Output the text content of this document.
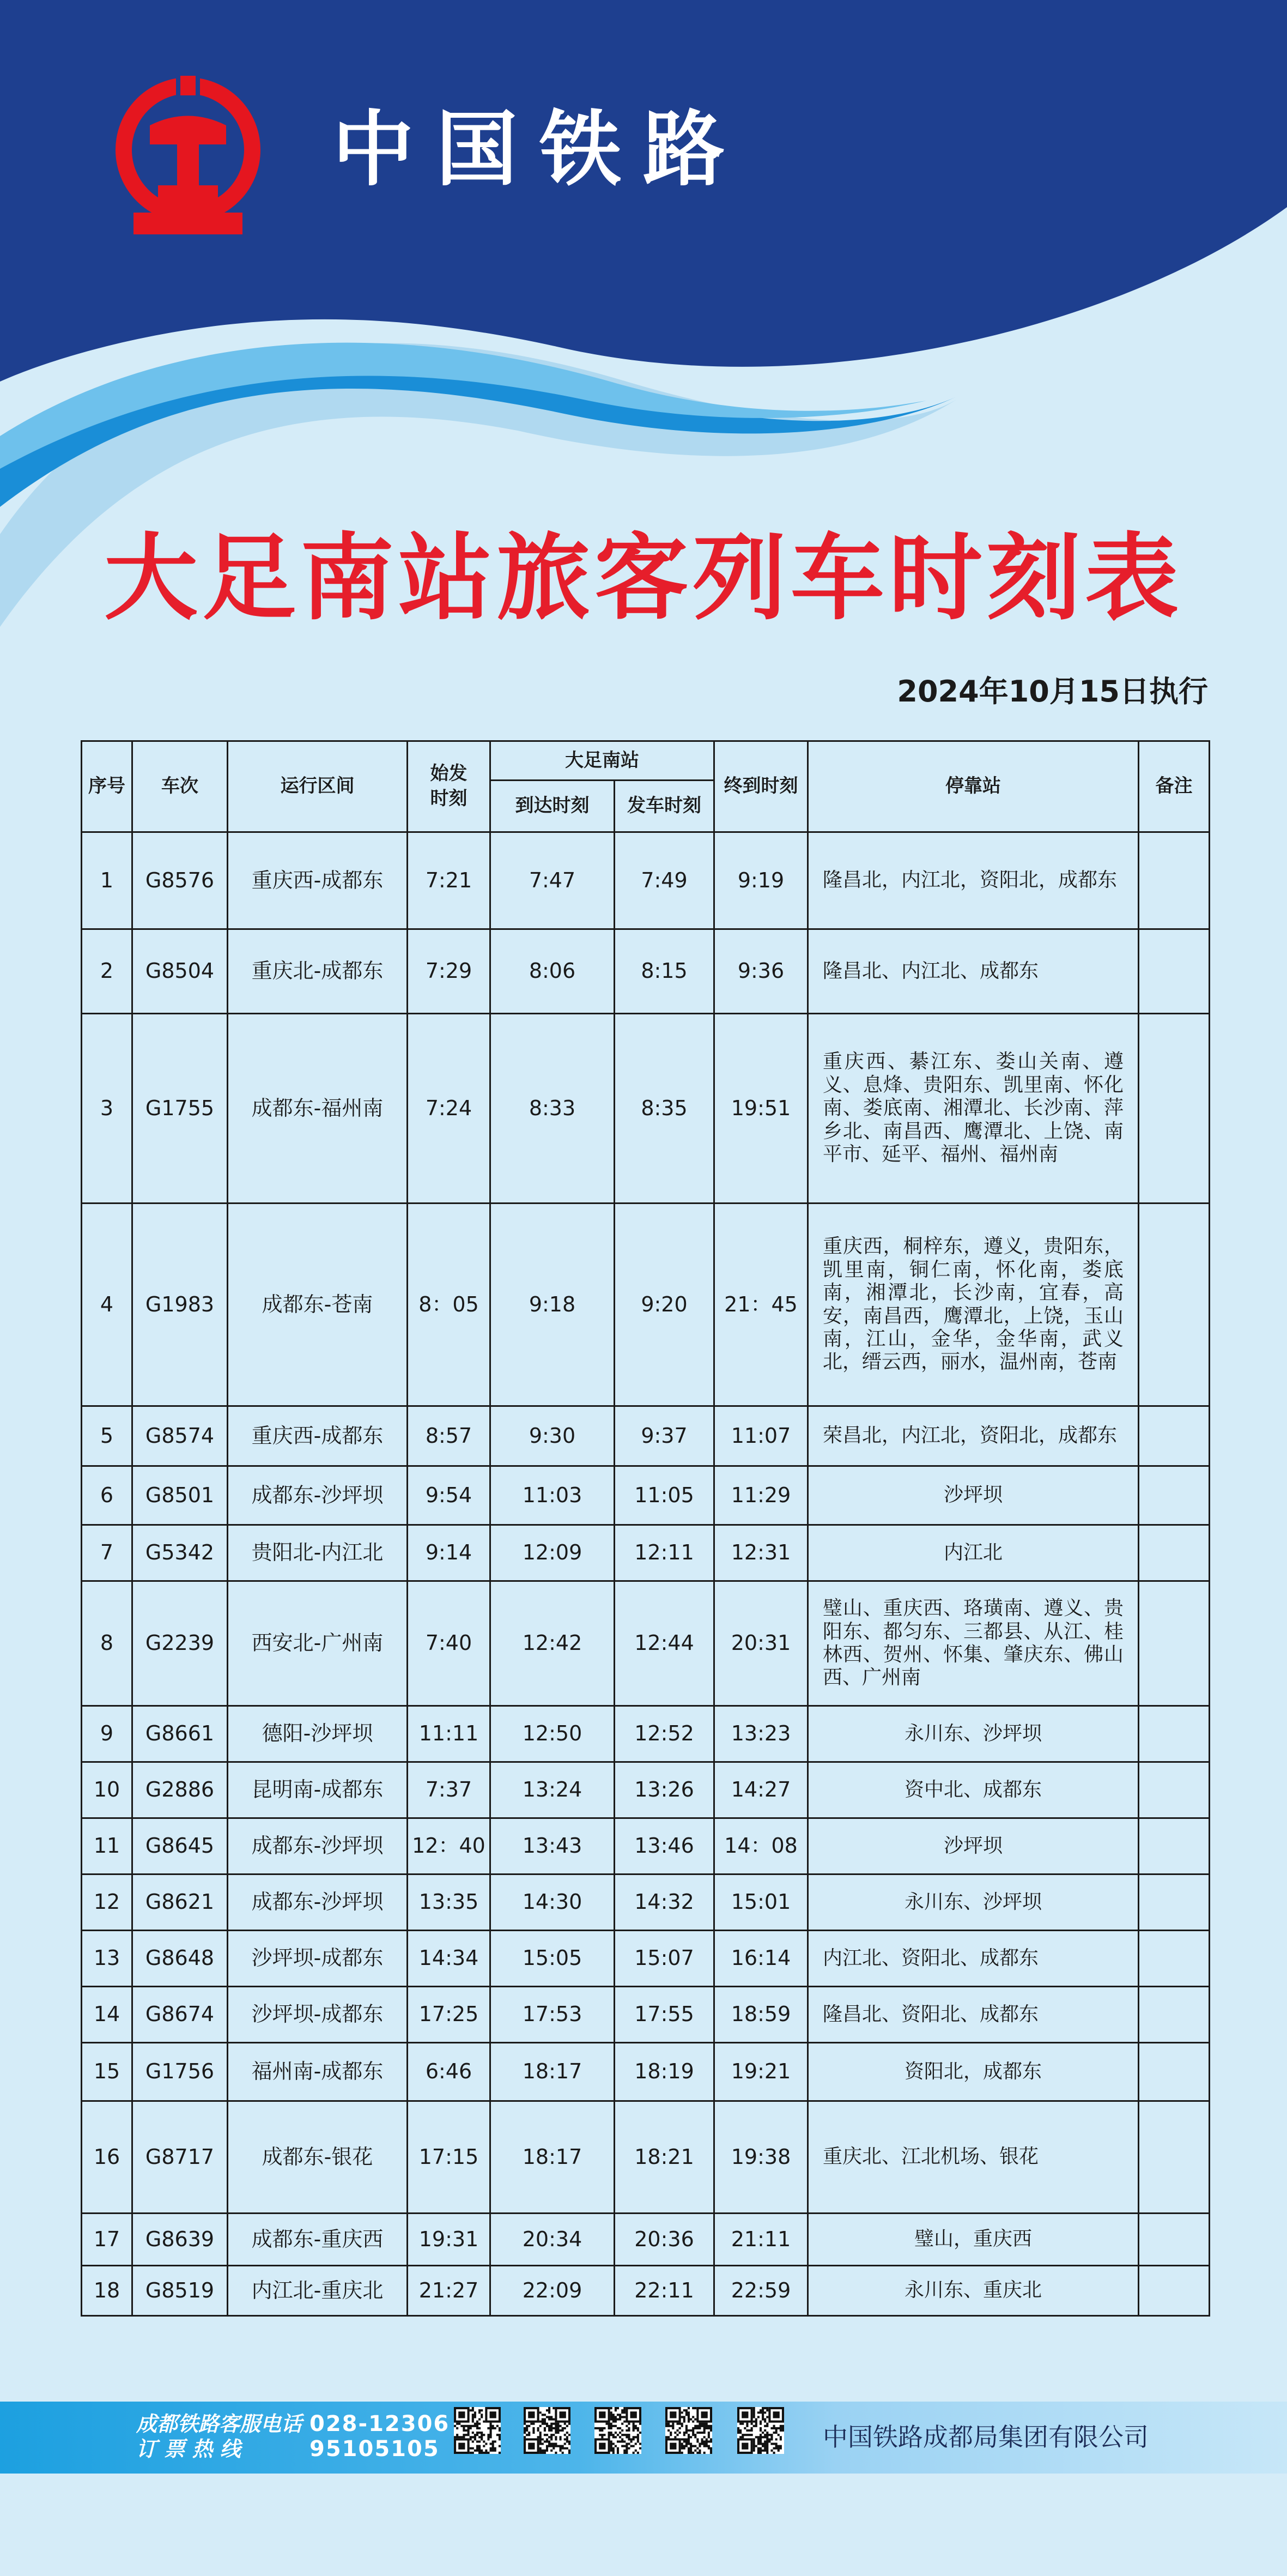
中国铁路
大足南站旅客列车时刻表
2024年10月15日执行
序号	车次	运行区间	始发时刻	大足南站		终到时刻	停靠站	备注
				到达时刻	发车时刻			
1	G8576	重庆西-成都东	7:21	7:47	7:49	9:19	隆昌北，内江北，资阳北，成都东	
2	G8504	重庆北-成都东	7:29	8:06	8:15	9:36	隆昌北、内江北、成都东	
3	G1755	成都东-福州南	7:24	8:33	8:35	19:51	重庆西、綦江东、娄山关南、遵义、息烽、贵阳东、凯里南、怀化南、娄底南、湘潭北、长沙南、萍乡北、南昌西、鹰潭北、上饶、南平市、延平、福州、福州南	
4	G1983	成都东-苍南	8：05	9:18	9:20	21：45	重庆西，桐梓东，遵义，贵阳东，凯里南，铜仁南，怀化南，娄底南，湘潭北，长沙南，宜春，高安，南昌西，鹰潭北，上饶，玉山南，江山，金华，金华南，武义北，缙云西，丽水，温州南，苍南	
5	G8574	重庆西-成都东	8:57	9:30	9:37	11:07	荣昌北，内江北，资阳北，成都东	
6	G8501	成都东-沙坪坝	9:54	11:03	11:05	11:29	沙坪坝	
7	G5342	贵阳北-内江北	9:14	12:09	12:11	12:31	内江北	
8	G2239	西安北-广州南	7:40	12:42	12:44	20:31	璧山、重庆西、珞璜南、遵义、贵阳东、都匀东、三都县、从江、桂林西、贺州、怀集、肇庆东、佛山西、广州南	
9	G8661	德阳-沙坪坝	11:11	12:50	12:52	13:23	永川东、沙坪坝	
10	G2886	昆明南-成都东	7:37	13:24	13:26	14:27	资中北、成都东	
11	G8645	成都东-沙坪坝	12：40	13:43	13:46	14：08	沙坪坝	
12	G8621	成都东-沙坪坝	13:35	14:30	14:32	15:01	永川东、沙坪坝	
13	G8648	沙坪坝-成都东	14:34	15:05	15:07	16:14	内江北、资阳北、成都东	
14	G8674	沙坪坝-成都东	17:25	17:53	17:55	18:59	隆昌北、资阳北、成都东	
15	G1756	福州南-成都东	6:46	18:17	18:19	19:21	资阳北，成都东	
16	G8717	成都东-银花	17:15	18:17	18:21	19:38	重庆北、江北机场、银花	
17	G8639	成都东-重庆西	19:31	20:34	20:36	21:11	璧山，重庆西	
18	G8519	内江北-重庆北	21:27	22:09	22:11	22:59	永川东、重庆北	
成都铁路客服电话
订 票 热 线
028-12306
95105105	中国铁路成都局集团有限公司
